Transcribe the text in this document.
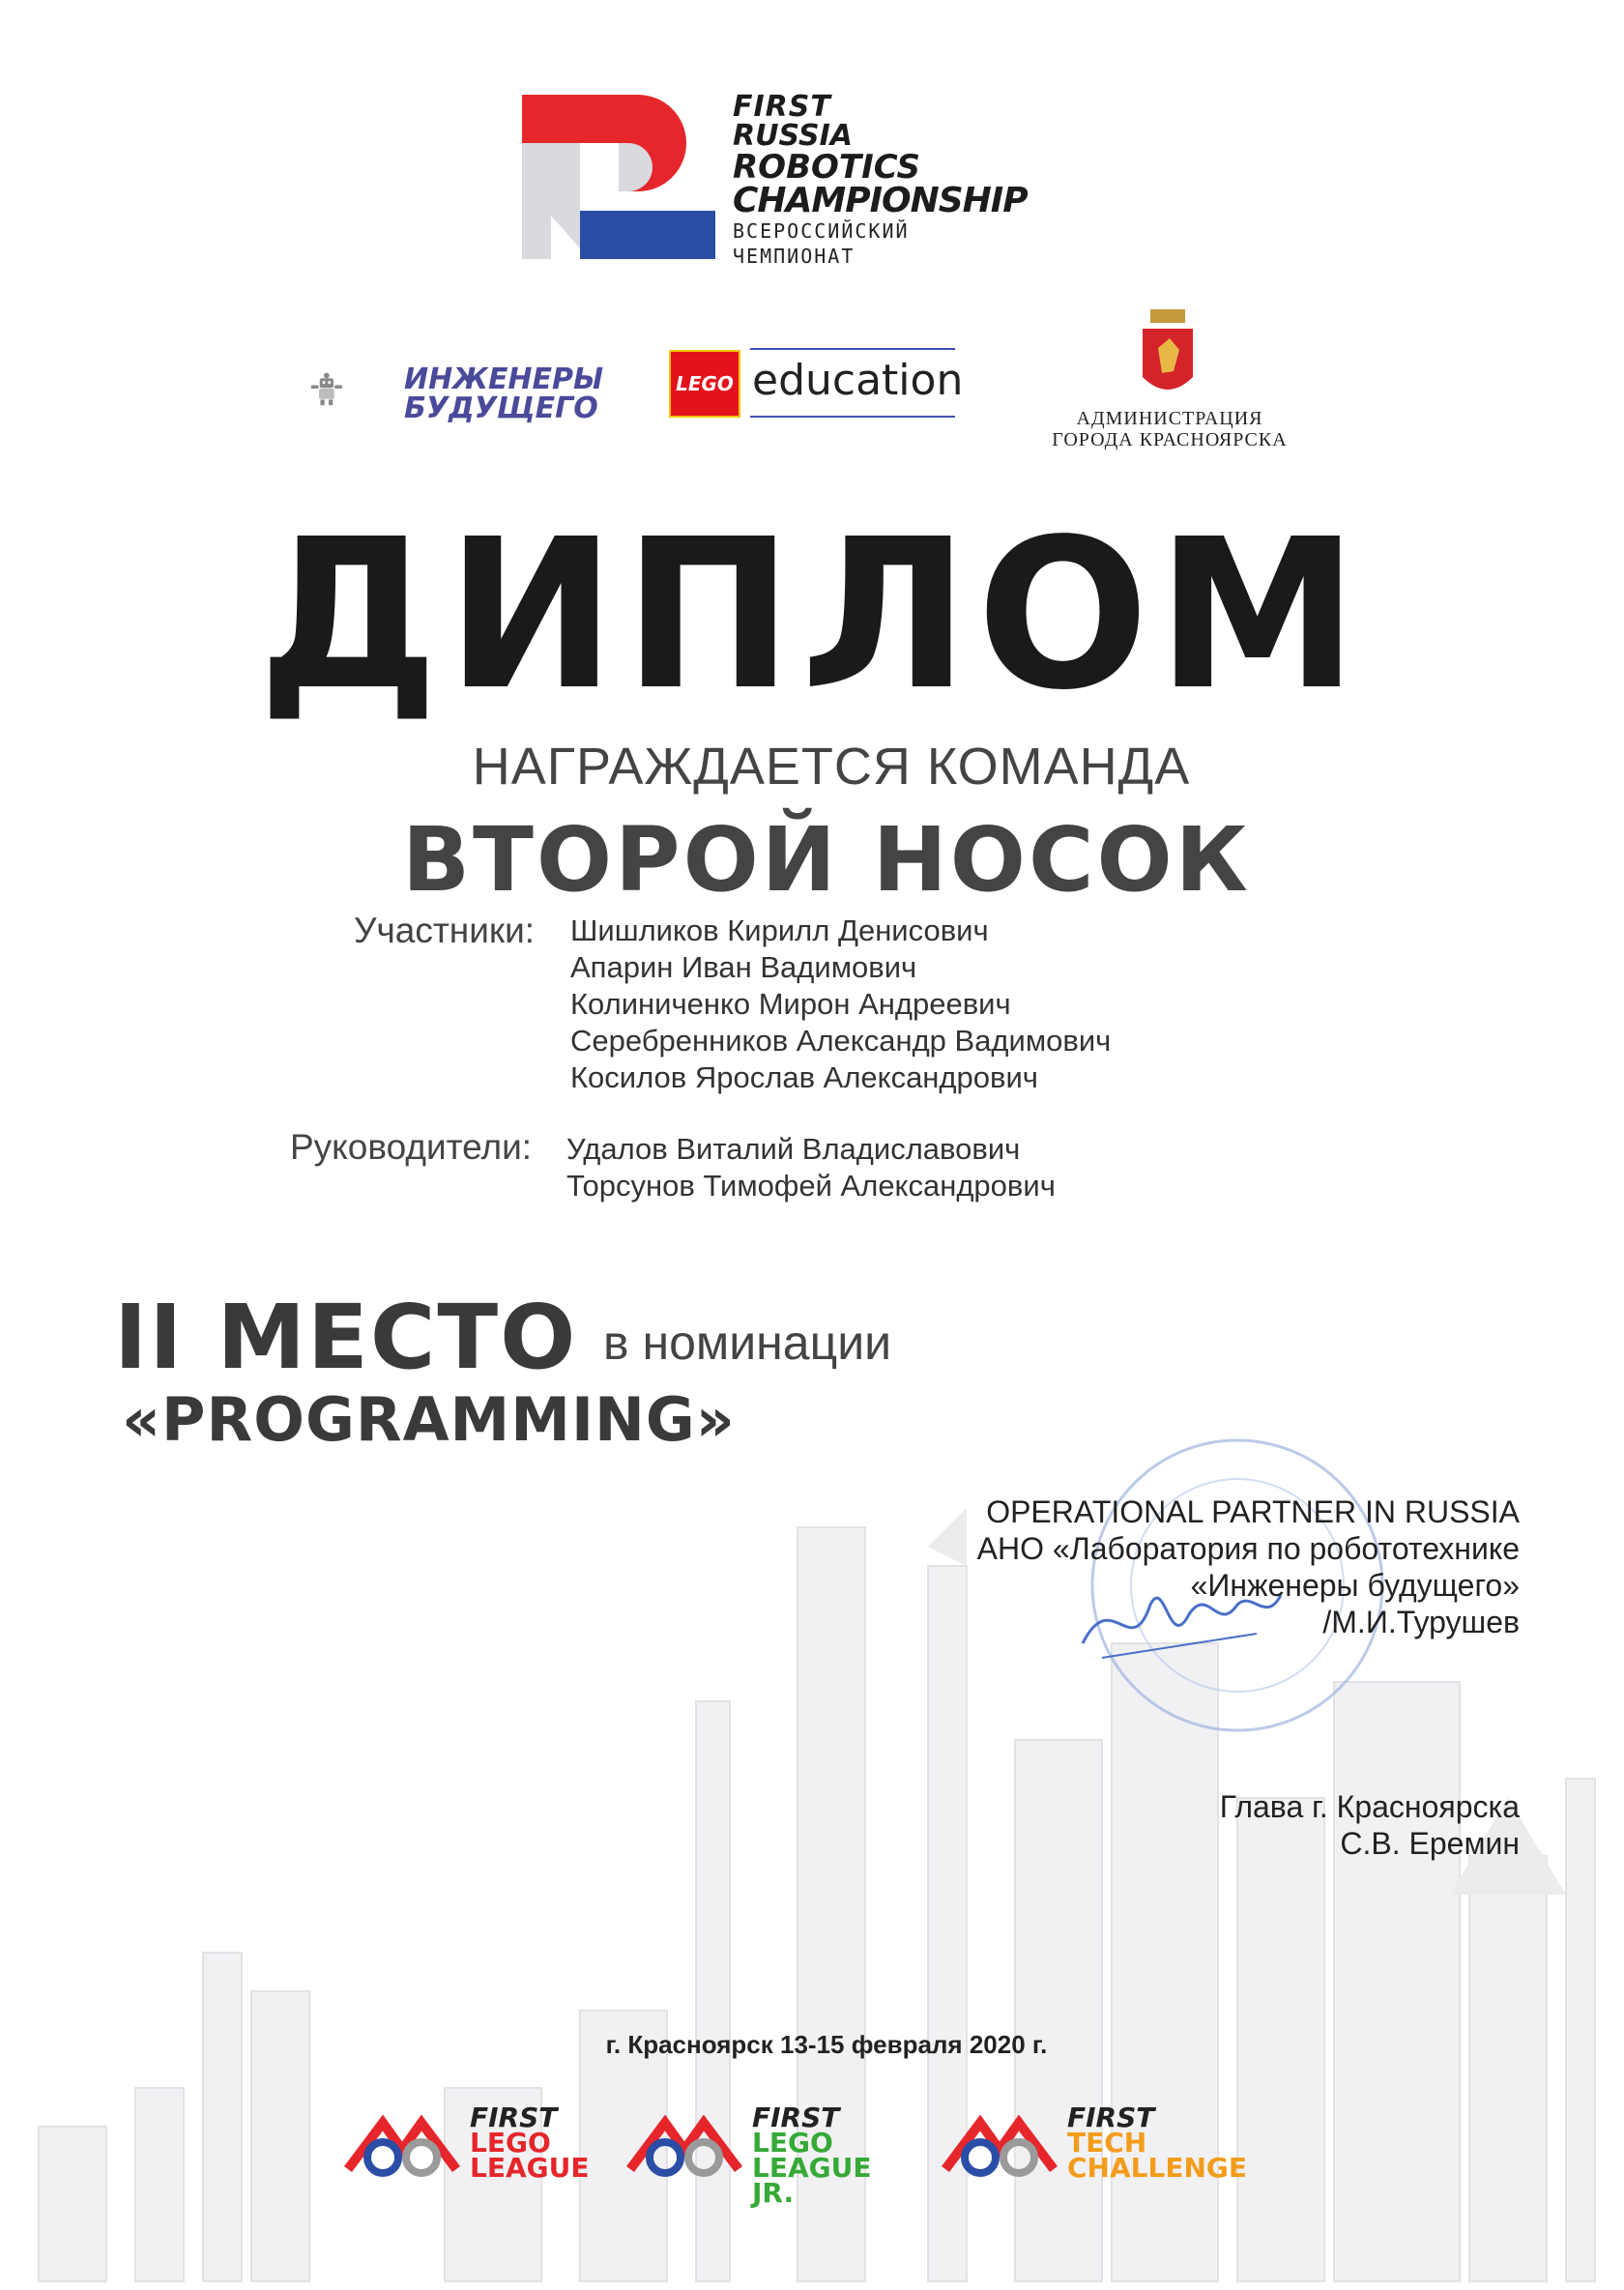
FIRST
RUSSIA
ROBOTICS
CHAMPIONSHIP
ВСЕРОССИЙСКИЙ
ЧЕМПИОНАТ
ИНЖЕНЕРЫ
БУДУЩЕГО
LEGO education
АДМИНИСТРАЦИЯ
ГОРОДА КРАСНОЯРСКА
ДИПЛОМ
НАГРАЖДАЕТСЯ КОМАНДА
ВТОРОЙ НОСОК
Участники: Шишликов Кирилл Денисович
Апарин Иван Вадимович
Колиниченко Мирон Андреевич
Серебренников Александр Вадимович
Косилов Ярослав Александрович
Руководители: Удалов Виталий Владиславович
Торсунов Тимофей Александрович
II МЕСТО в номинации
«PROGRAMMING»
OPERATIONAL PARTNER IN RUSSIA
АНО «Лаборатория по робототехнике
«Инженеры будущего»
/М.И.Турушев
Глава г. Красноярска
С.В. Еремин
г. Красноярск 13-15 февраля 2020 г.
FIRST
LEGO
LEAGUE
FIRST
LEGO
LEAGUE JR.
FIRST
TECH
CHALLENGE
